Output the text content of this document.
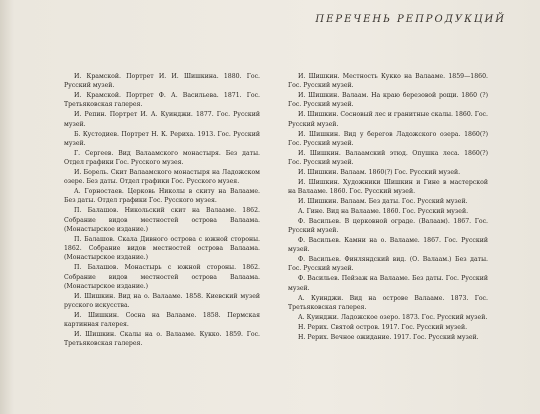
ПЕРЕЧЕНЬ РЕПРОДУКЦИЙ

И. Крамской. Портрет И. И. Шишкина. 1880. Гос. Русский музей.

И. Крамской. Портрет Ф. А. Васильева. 1871. Гос. Третьяковская галерея.

И. Репин. Портрет И. А. Куинджи. 1877. Гос. Русский музей.

Б. Кустодиев. Портрет Н. К. Рериха. 1913. Гос. Русский музей.

Г. Сергеев. Вид Валаамского монастыря. Без даты. Отдел графики Гос. Русского музея.

И. Борель. Скит Валаамского монастыря на Ладожском озере. Без даты. Отдел графики Гос. Русского музея.

А. Горностаев. Церковь Николы в скиту на Валааме. Без даты. Отдел графики Гос. Русского музея.

П. Балашов. Никольский скит на Валааме. 1862. Собрание видов местностей острова Валаама. (Монастырское издание.)

П. Балашов. Скала Дивного острова с южной стороны. 1862. Собрание видов местностей острова Валаама. (Монастырское издание.)

П. Балашов. Монастырь с южной стороны. 1862. Собрание видов местностей острова Валаама. (Монастырское издание.)

И. Шишкин. Вид на о. Валааме. 1858. Киевский музей русского искусства.

И. Шишкин. Сосна на Валааме. 1858. Пермская картинная галерея.

И. Шишкин. Скалы на о. Валааме. Кукко. 1859. Гос. Третьяковская галерея.

И. Шишкин. Местность Кукко на Валааме. 1859—1860. Гос. Русский музей.

И. Шишкин. Валаам. На краю березовой рощи. 1860 (?) Гос. Русский музей.

И. Шишкин. Сосновый лес и гранитные скалы. 1860. Гос. Русский музей.

И. Шишкин. Вид у берегов Ладожского озера. 1860(?) Гос. Русский музей.

И. Шишкин. Валаамский этюд. Опушка леса. 1860(?) Гос. Русский музей.

И. Шишкин. Валаам. 1860(?) Гос. Русский музей.

И. Шишкин. Художники Шишкин и Гине в мастерской на Валааме. 1860. Гос. Русский музей.

И. Шишкин. Валаам. Без даты. Гос. Русский музей.

А. Гине. Вид на Валааме. 1860. Гос. Русский музей.

Ф. Васильев. В церковной ограде. (Валаам). 1867. Гос. Русский музей.

Ф. Васильев. Камни на о. Валааме. 1867. Гос. Русский музей.

Ф. Васильев. Финляндский вид. (О. Валаам.) Без даты. Гос. Русский музей.

Ф. Васильев. Пейзаж на Валааме. Без даты. Гос. Русский музей.

А. Куинджи. Вид на острове Валааме. 1873. Гос. Третьяковская галерея.

А. Куинджи. Ладожское озеро. 1873. Гос. Русский музей.

Н. Рерих. Святой остров. 1917. Гос. Русский музей.

Н. Рерих. Вечное ожидание. 1917. Гос. Русский музей.
